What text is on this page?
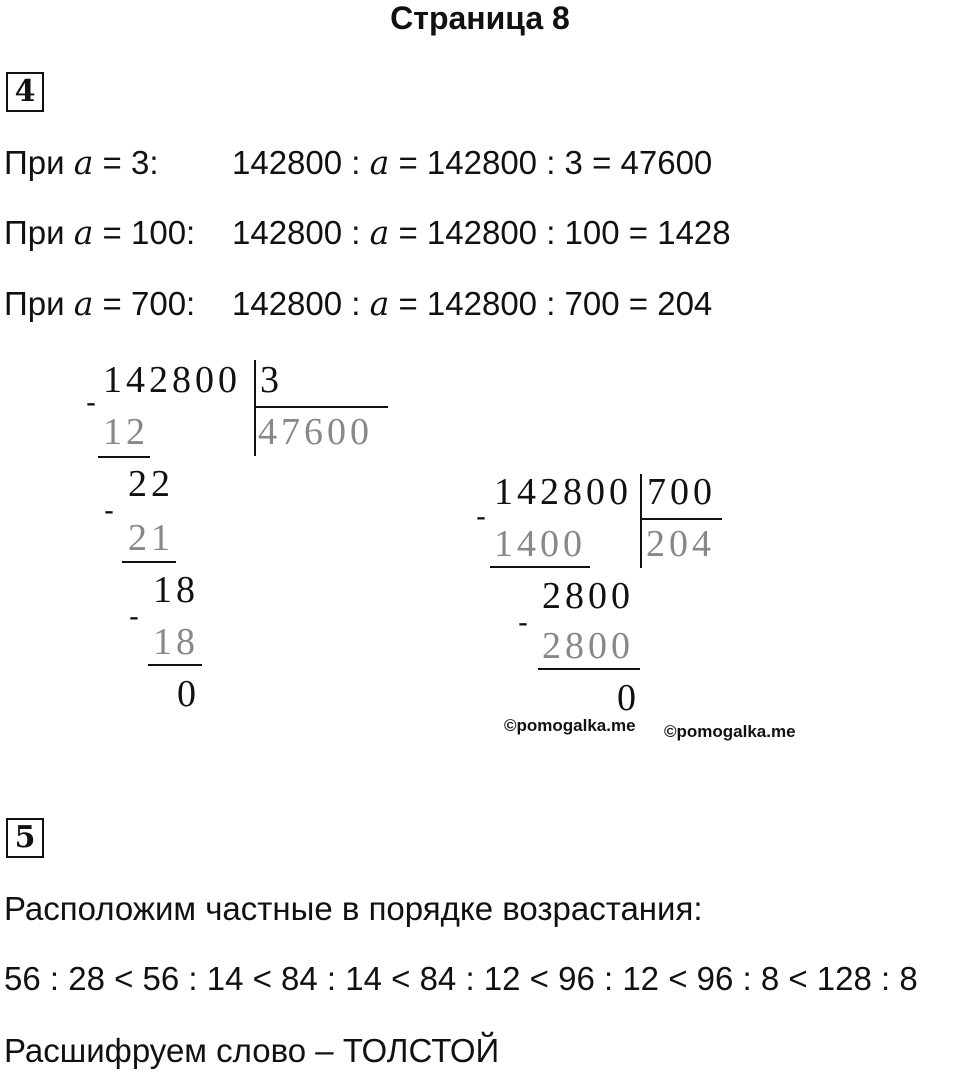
Страница 8
4
При a = 3: 142800 : a = 142800 : 3 = 47600
При a = 100: 142800 : a = 142800 : 100 = 1428
При a = 700: 142800 : a = 142800 : 700 = 204
142800 3
47600
-
12
22
-
21
18
-
18
0
142800 700
204
-
1400
2800
-
2800
0
©pomogalka.me ©pomogalka.me
5
Расположим частные в порядке возрастания:
56 : 28 < 56 : 14 < 84 : 14 < 84 : 12 < 96 : 12 < 96 : 8 < 128 : 8
Расшифруем слово – ТОЛСТОЙ
